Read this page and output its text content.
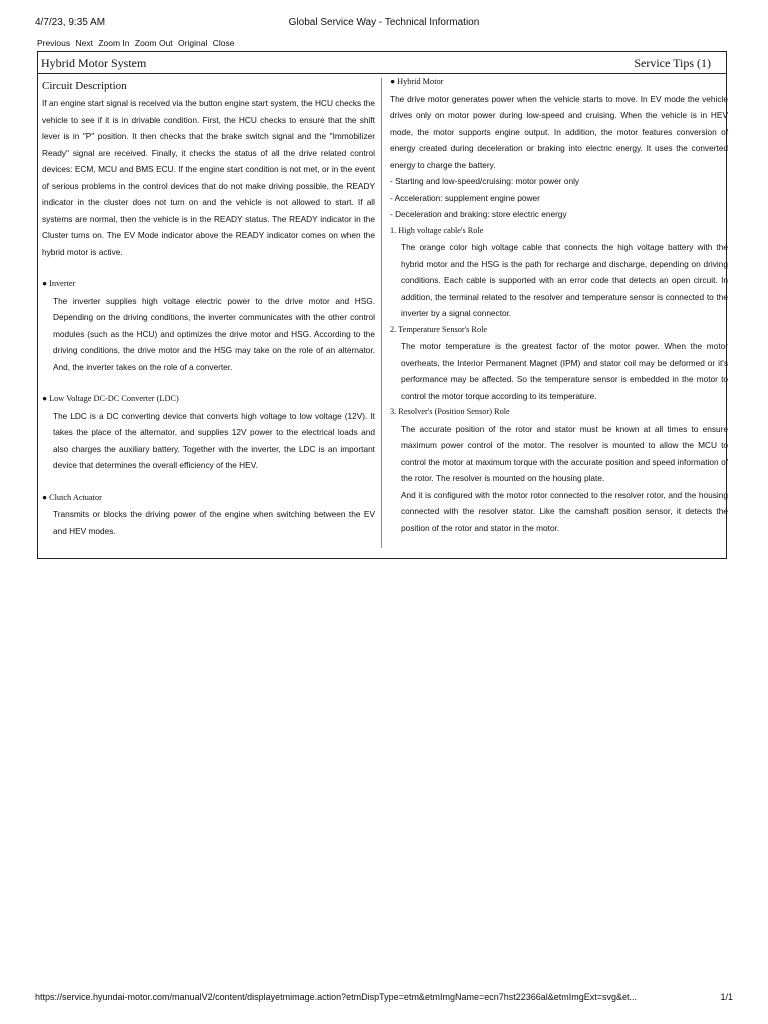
4/7/23, 9:35 AM	Global Service Way - Technical Information
Previous Next Zoom In Zoom Out Original Close
Hybrid Motor System	Service Tips (1)

Circuit Description

If an engine start signal is received via the button engine start system, the HCU checks the vehicle to see if it is in drivable condition. First, the HCU checks to ensure that the shift lever is in "P" position. It then checks that the brake switch signal and the "Immobilizer Ready" signal are received. Finally, it checks the status of all the drive related control devices: ECM, MCU and BMS ECU. If the engine start condition is not met, or in the event of serious problems in the control devices that do not make driving possible, the READY indicator in the cluster does not turn on and the vehicle is not allowed to start. If all systems are normal, then the vehicle is in the READY status. The READY indicator in the Cluster turns on. The EV Mode indicator above the READY indicator comes on when the hybrid motor is active.

● Inverter

The inverter supplies high voltage electric power to the drive motor and HSG. Depending on the driving conditions, the inverter communicates with the other control modules (such as the HCU) and optimizes the drive motor and HSG. According to the driving conditions, the drive motor and the HSG may take on the role of an alternator. And, the inverter takes on the role of a converter.

● Low Voltage DC-DC Converter (LDC)

The LDC is a DC converting device that converts high voltage to low voltage (12V). It takes the place of the alternator, and supplies 12V power to the electrical loads and also charges the auxiliary battery. Together with the inverter, the LDC is an important device that determines the overall efficiency of the HEV.

● Clutch Actuator

Transmits or blocks the driving power of the engine when switching between the EV and HEV modes.

● Hybrid Motor

The drive motor generates power when the vehicle starts to move. In EV mode the vehicle drives only on motor power during low-speed and cruising. When the vehicle is in HEV mode, the motor supports engine output. In addition, the motor features conversion of energy created during deceleration or braking into electric energy. It uses the converted energy to charge the battery.

- Starting and low-speed/cruising: motor power only

- Acceleration: supplement engine power

- Deceleration and braking: store electric energy

1. High voltage cable's Role

The orange color high voltage cable that connects the high voltage battery with the hybrid motor and the HSG is the path for recharge and discharge, depending on driving conditions. Each cable is supported with an error code that detects an open circuit. In addition, the terminal related to the resolver and temperature sensor is connected to the inverter by a signal connector.

2. Temperature Sensor's Role

The motor temperature is the greatest factor of the motor power. When the motor overheats, the Interior Permanent Magnet (IPM) and stator coil may be deformed or it's performance may be affected. So the temperature sensor is embedded in the motor to control the motor torque according to its temperature.

3. Resolver's (Position Sensor) Role

The accurate position of the rotor and stator must be known at all times to ensure maximum power control of the motor. The resolver is mounted to allow the MCU to control the motor at maximum torque with the accurate position and speed information of the rotor. The resolver is mounted on the housing plate.

And it is configured with the motor rotor connected to the resolver rotor, and the housing connected with the resolver stator. Like the camshaft position sensor, it detects the position of the rotor and stator in the motor.

https://service.hyundai-motor.com/manualV2/content/displayetmimage.action?etmDispType=etm&etmImgName=ecn7hst22366al&etmImgExt=svg&et...	1/1
